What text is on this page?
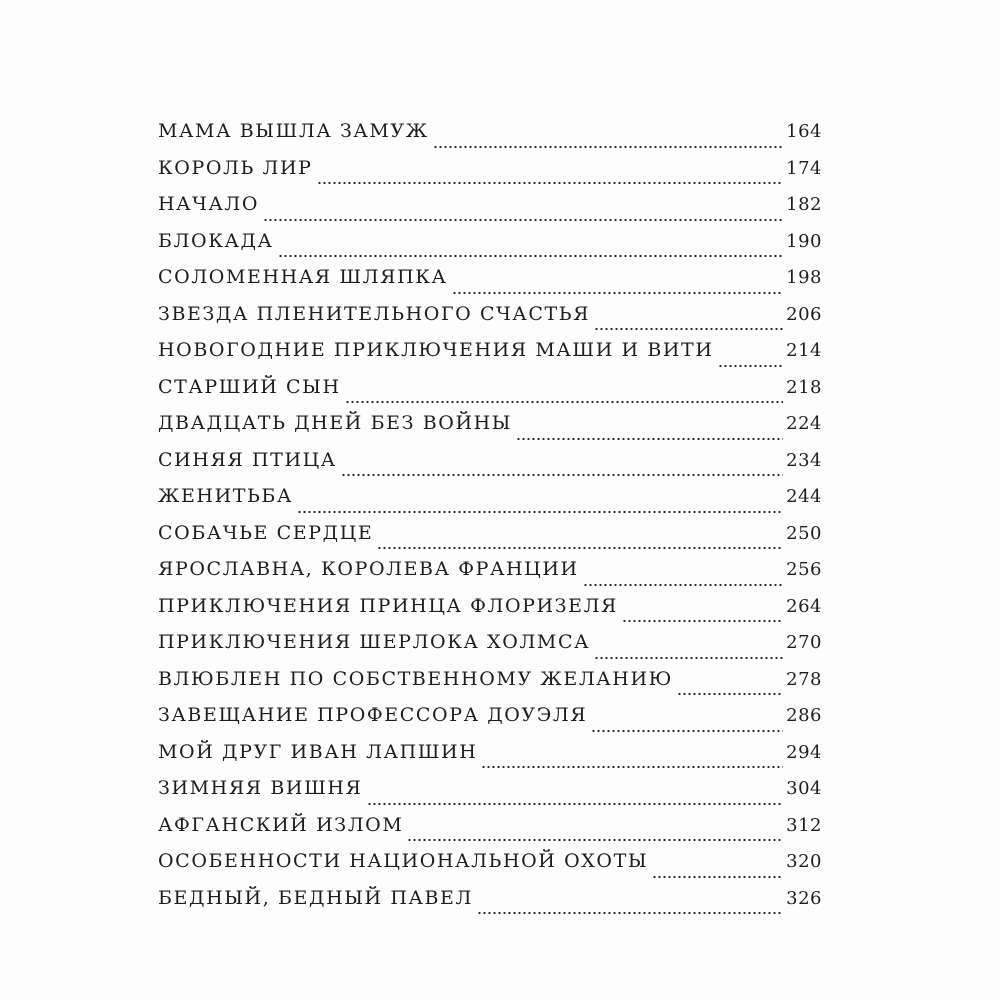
МАМА ВЫШЛА ЗАМУЖ	164
КОРОЛЬ ЛИР	174
НАЧАЛО	182
БЛОКАДА	190
СОЛОМЕННАЯ ШЛЯПКА	198
ЗВЕЗДА ПЛЕНИТЕЛЬНОГО СЧАСТЬЯ	206
НОВОГОДНИЕ ПРИКЛЮЧЕНИЯ МАШИ И ВИТИ	214
СТАРШИЙ СЫН	218
ДВАДЦАТЬ ДНЕЙ БЕЗ ВОЙНЫ	224
СИНЯЯ ПТИЦА	234
ЖЕНИТЬБА	244
СОБАЧЬЕ СЕРДЦЕ	250
ЯРОСЛАВНА, КОРОЛЕВА ФРАНЦИИ	256
ПРИКЛЮЧЕНИЯ ПРИНЦА ФЛОРИЗЕЛЯ	264
ПРИКЛЮЧЕНИЯ ШЕРЛОКА ХОЛМСА	270
ВЛЮБЛЕН ПО СОБСТВЕННОМУ ЖЕЛАНИЮ	278
ЗАВЕЩАНИЕ ПРОФЕССОРА ДОУЭЛЯ	286
МОЙ ДРУГ ИВАН ЛАПШИН	294
ЗИМНЯЯ ВИШНЯ	304
АФГАНСКИЙ ИЗЛОМ	312
ОСОБЕННОСТИ НАЦИОНАЛЬНОЙ ОХОТЫ	320
БЕДНЫЙ, БЕДНЫЙ ПАВЕЛ	326
